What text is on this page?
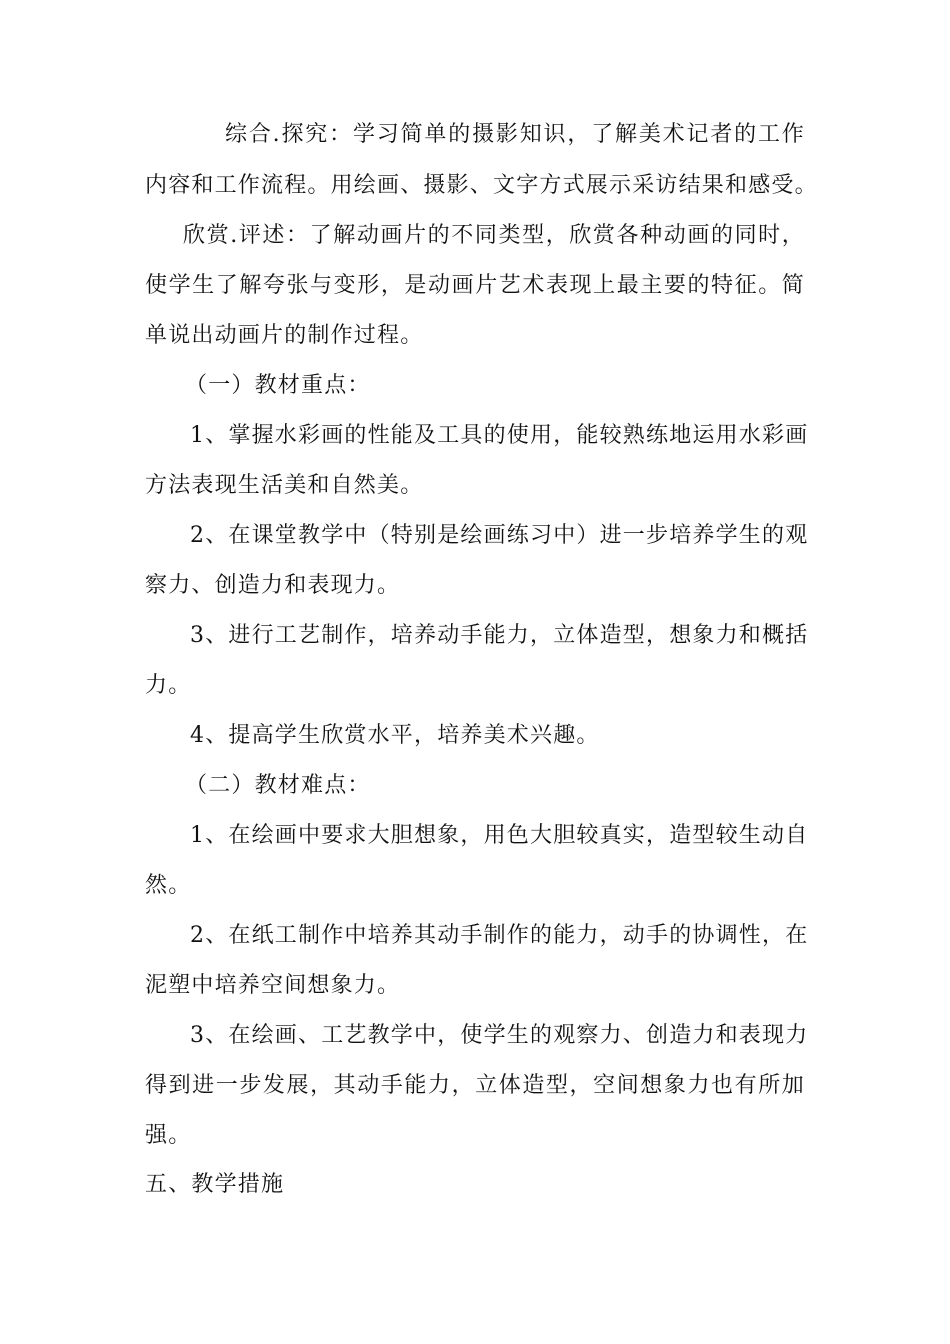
综合.探究：学习简单的摄影知识，了解美术记者的工作
内容和工作流程。用绘画、摄影、文字方式展示采访结果和感受。
欣赏.评述：了解动画片的不同类型，欣赏各种动画的同时，
使学生了解夸张与变形，是动画片艺术表现上最主要的特征。简
单说出动画片的制作过程。
（一）教材重点：
1、掌握水彩画的性能及工具的使用，能较熟练地运用水彩画
方法表现生活美和自然美。
2、在课堂教学中（特别是绘画练习中）进一步培养学生的观
察力、创造力和表现力。
3、进行工艺制作，培养动手能力，立体造型，想象力和概括
力。
4、提高学生欣赏水平，培养美术兴趣。
（二）教材难点：
1、在绘画中要求大胆想象，用色大胆较真实，造型较生动自
然。
2、在纸工制作中培养其动手制作的能力，动手的协调性，在
泥塑中培养空间想象力。
3、在绘画、工艺教学中，使学生的观察力、创造力和表现力
得到进一步发展，其动手能力，立体造型，空间想象力也有所加
强。
五、教学措施
